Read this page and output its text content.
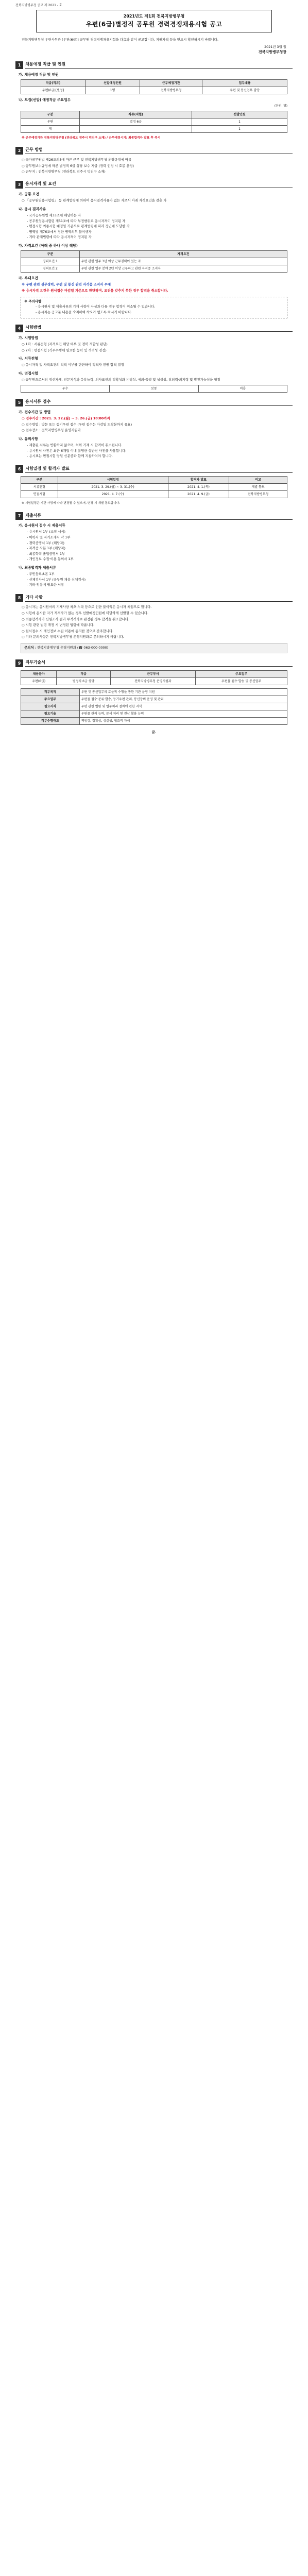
전북지방병무청 공고 제 2021 - 호
2021년도 제1회 전북지방병무청
우편(6급)별정직 공무원 경력경쟁채용시험 공고
전북지방병무청 우편사무관 [우편(6급)] 공무원 경력경쟁채용시험을 다음과 같이 공고합니다. 지원자격 등을 반드시 확인하시기 바랍니다.
2021년 3월 일
전북지방병무청장
1	채용예정 직급 및 인원
가. 채용예정 직급 및 인원
직급(직류)	선발예정인원	근무예정기관	업무내용
우편(6급)[별정]	1명	전북지방병무청	우편 및 통신업무 담당
나. 모집(선발) 예정직급 주요업무
(단위: 명)
구분	직류(직렬)	선발인원
우편	별정 6급	1
계		1
※ 근무예정기관 전북지방병무청 (전라북도 전주시 덕진구 소재) / 근무예정시기: 최종합격자 발표 후 즉시
2	근무 방법
○ 국가공무원법 제26조의5에 따른 근무 및 전북지방병무청 운영규정에 따름
○ 공무원보수규정에 따른 별정직 6급 상당 보수 지급 (경력 인정 시 호봉 산정)
○ 근무지 : 전북지방병무청 (전라북도 전주시 덕진구 소재)
3	응시자격 및 요건
가. 공통 요건
○ 「공무원임용시험령」 등 관계법령에 의하여 응시결격사유가 없는 자로서 아래 자격요건을 갖춘 자
나. 응시 결격사유
- 국가공무원법 제33조에 해당하는 자
- 공무원임용시험령 제51조에 따라 부정행위로 응시자격이 정지된 자
- 면접시험 최종시험 예정일 기준으로 관계법령에 따라 정년에 도달한 자
- 병역법 제76조에서 정한 병역의무 불이행자
- 기타 관계법령에 따라 응시자격이 정지된 자
다. 자격요건 (아래 중 하나 이상 해당)
구분	자격요건
경력요건 1	우편 관련 업무 3년 이상 근무경력이 있는 자
경력요건 2	우편 관련 업무 분야 2년 이상 근무하고 관련 자격증 소지자
라. 우대요건
※ 우편 관련 실무경력, 우편 및 통신 관련 자격증 소지자 우대
※ 응시자격 요건은 원서접수 마감일 기준으로 판단하며, 요건을 갖추지 못한 경우 합격을 취소합니다.
※ 주의사항
- 응시원서 및 제출서류의 기재 사항이 사실과 다를 경우 합격이 취소될 수 있습니다.
- 응시자는 공고문 내용을 숙지하여 착오가 없도록 하시기 바랍니다.
4	시험방법
가. 시험방법
○ 1차 : 서류전형 (자격요건 해당 여부 및 경력 적합성 판단)
○ 2차 : 면접시험 (직무수행에 필요한 능력 및 적격성 검정)
나. 서류전형
○ 응시자격 및 자격요건의 적격 여부를 판단하여 적격자 전원 합격 결정
다. 면접시험
○ 공무원으로서의 정신자세, 전문지식과 응용능력, 의사표현의 정확성과 논리성, 예의·품행 및 성실성, 창의력·의지력 및 발전가능성을 평정
우수	보통	미흡
5	응시서류 접수
가. 접수기간 및 방법
○ 접수기간 : 2021. 3. 22.(월) ~ 3. 26.(금) 18:00까지
○ 접수방법 : 방문 또는 등기우편 접수 (우편 접수는 마감일 도착분까지 유효)
○ 접수장소 : 전북지방병무청 운영지원과
나. 유의사항
- 제출된 서류는 반환하지 않으며, 허위 기재 시 합격이 취소됩니다.
- 응시원서 사진은 최근 6개월 이내 촬영한 상반신 사진을 사용합니다.
- 응시표는 면접시험 당일 신분증과 함께 지참하여야 합니다.
6	시험일정 및 합격자 발표
구분	시험일정	합격자 발표	비고
서류전형	2021. 3. 29.(월) ~ 3. 31.(수)	2021. 4. 1.(목)	개별 통보
면접시험	2021. 4. 7.(수)	2021. 4. 9.(금)	전북지방병무청
※ 시험일정은 기관 사정에 따라 변경될 수 있으며, 변경 시 개별 통보합니다.
7	제출서류
가. 응시원서 접수 시 제출서류
- 응시원서 1부 (소정 서식)
- 이력서 및 자기소개서 각 1부
- 경력증명서 1부 (해당자)
- 자격증 사본 1부 (해당자)
- 최종학력 졸업증명서 1부
- 개인정보 수집·이용 동의서 1부
나. 최종합격자 제출서류
- 주민등록초본 1부
- 신체검사서 1부 (공무원 채용 신체검사)
- 기타 임용에 필요한 서류
8	기타 사항
○ 응시자는 응시원서의 기재사항 착오·누락 등으로 인한 불이익은 응시자 책임으로 합니다.
○ 시험에 응시한 자가 적격자가 없는 경우 선발예정인원에 미달하게 선발할 수 있습니다.
○ 최종합격자가 신원조사 결과 부적격자로 판정될 경우 합격을 취소합니다.
○ 시험 관련 법령 개정 시 변경된 법령에 따릅니다.
○ 원서접수 시 개인정보 수집·이용에 동의한 것으로 간주합니다.
○ 기타 문의사항은 전북지방병무청 운영지원과로 문의하시기 바랍니다.
문의처 : 전북지방병무청 운영지원과 (☎ 063-000-0000)
9	직무기술서
채용분야	직급	근무부서	주요업무
우편(6급)	별정직 6급 상당	전북지방병무청 운영지원과	우편물 접수·발송 및 통신업무
직무목적	우편 및 통신업무의 효율적 수행을 통한 기관 운영 지원
주요업무	우편물 접수·분류·발송, 등기우편 관리, 통신장비 운영 및 관리
필요지식	우편 관련 법령 및 업무처리 절차에 관한 지식
필요기술	우편물 관리 능력, 문서 처리 및 전산 활용 능력
직무수행태도	책임감, 정확성, 성실성, 협조적 자세
끝.
